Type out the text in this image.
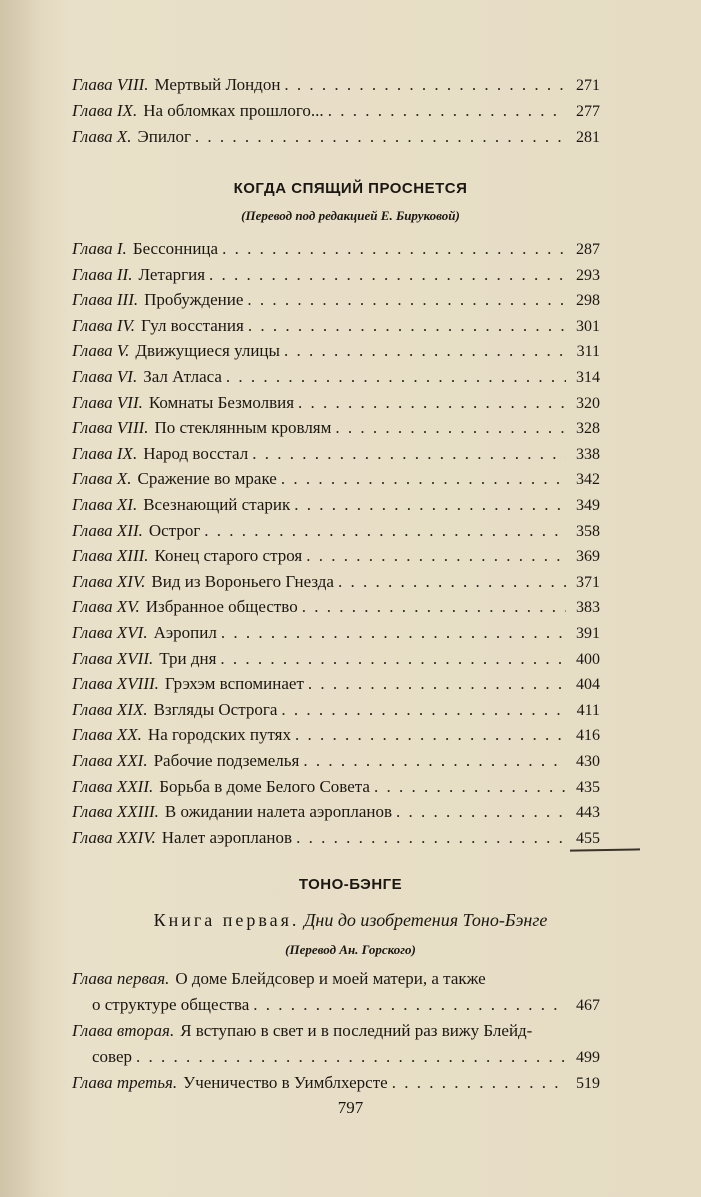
КОГДА СПЯЩИЙ ПРОСНЕТСЯ
(Перевод под редакцией Е. Бируковой)
ТОНО-БЭНГЕ
Книга первая. Дни до изобретения Тоно-Бэнге
(Перевод Ан. Горского)
797
Глава VIII. Мертвый Лондон . . .	271
Глава IX. На обломках прошлого... . . .	277
Глава X. Эпилог . . .	281
Глава I. Бессонница . . .	287
Глава II. Летаргия . . .	293
Глава III. Пробуждение . . .	298
Глава IV. Гул восстания . . .	301
Глава V. Движущиеся улицы . . .	311
Глава VI. Зал Атласа . . .	314
Глава VII. Комнаты Безмолвия . . .	320
Глава VIII. По стеклянным кровлям . . .	328
Глава IX. Народ восстал . . .	338
Глава X. Сражение во мраке . . .	342
Глава XI. Всезнающий старик . . .	349
Глава XII. Острог . . .	358
Глава XIII. Конец старого строя . . .	369
Глава XIV. Вид из Вороньего Гнезда . . .	371
Глава XV. Избранное общество . . .	383
Глава XVI. Аэропил . . .	391
Глава XVII. Три дня . . .	400
Глава XVIII. Грэхэм вспоминает . . .	404
Глава XIX. Взгляды Острога . . .	411
Глава XX. На городских путях . . .	416
Глава XXI. Рабочие подземелья . . .	430
Глава XXII. Борьба в доме Белого Совета . . .	435
Глава XXIII. В ожидании налета аэропланов . . .	443
Глава XXIV. Налет аэропланов . . .	455
Глава первая. О доме Блейдсовер и моей матери, а также
о структуре общества . . .	467
Глава вторая. Я вступаю в свет и в последний раз вижу Блейд-
совер . . .	499
Глава третья. Ученичество в Уимблхерсте . . .	519
